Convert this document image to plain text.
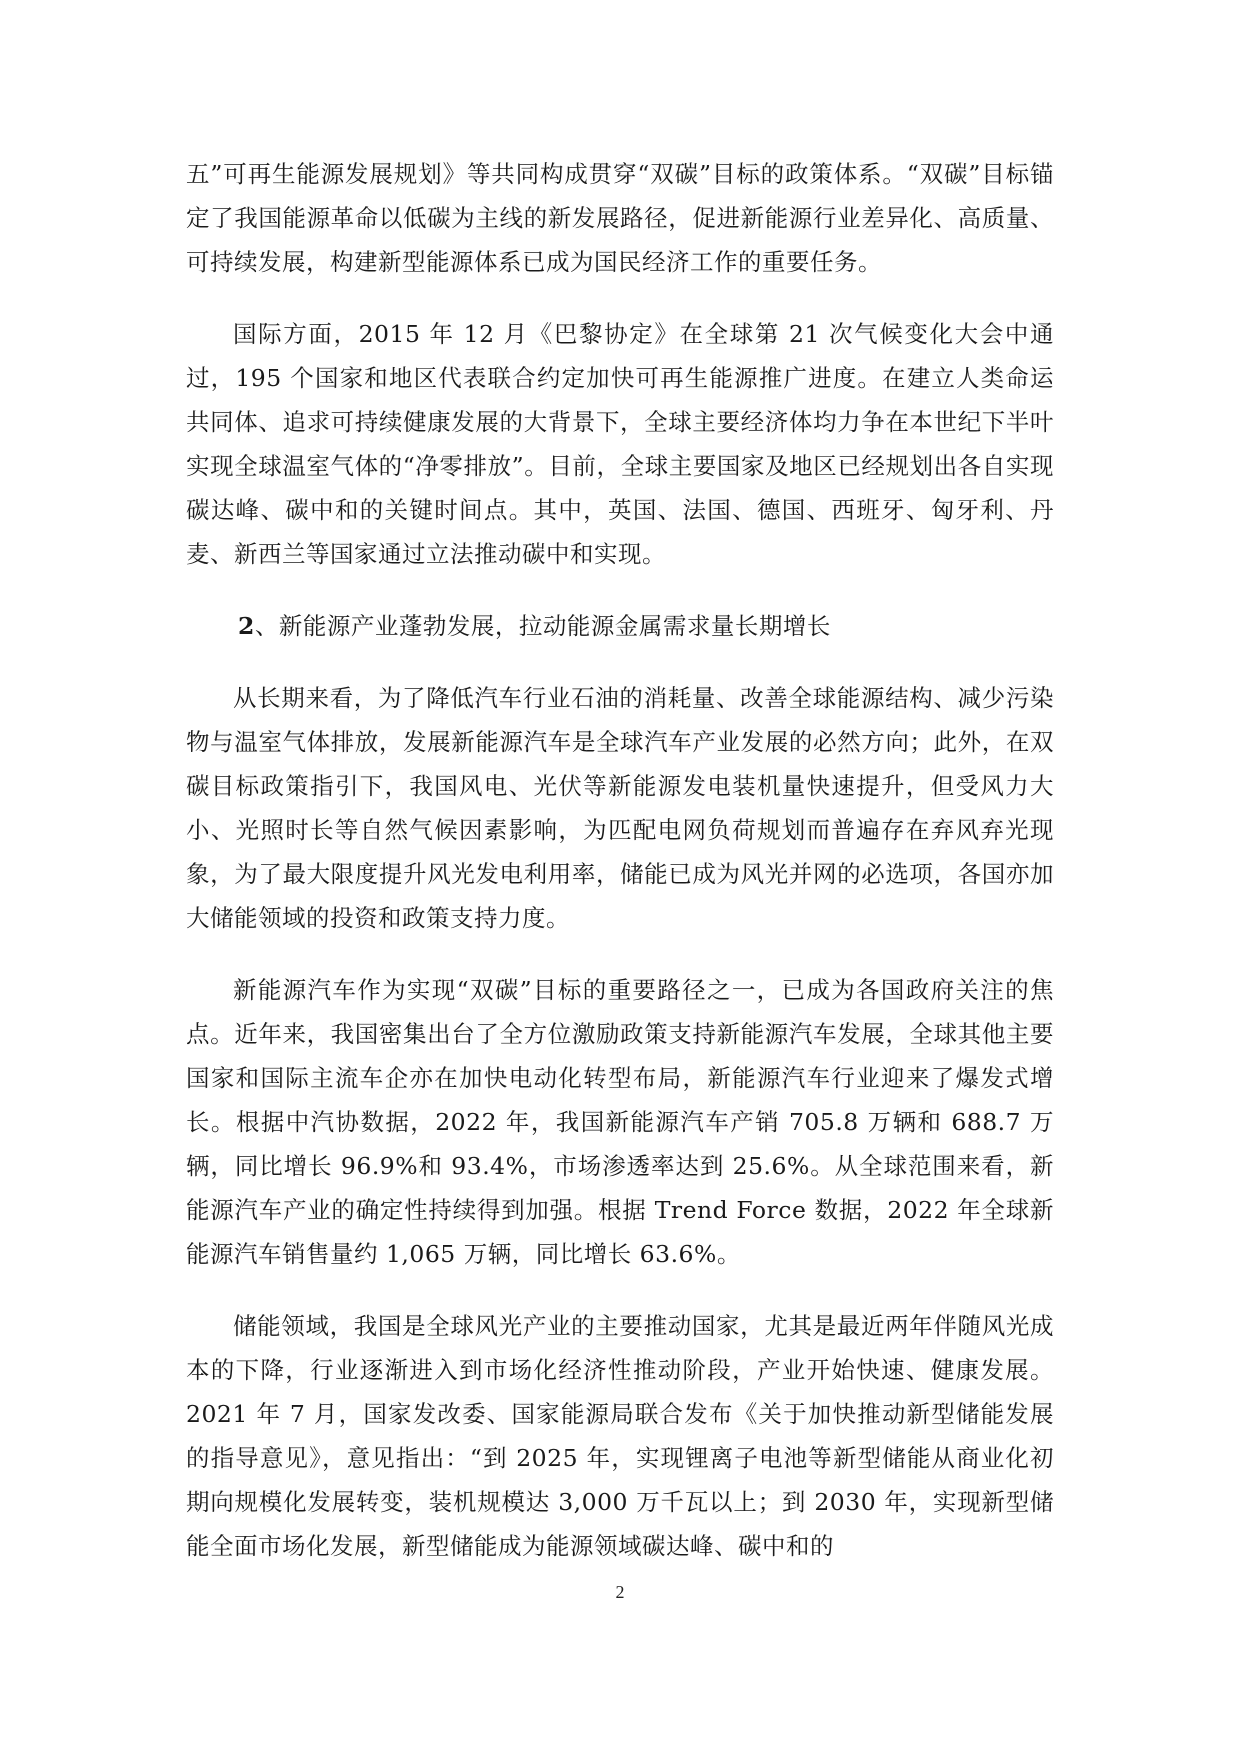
五”可再生能源发展规划》等共同构成贯穿“双碳”目标的政策体系。“双碳”目标锚定了我国能源革命以低碳为主线的新发展路径，促进新能源行业差异化、高质量、可持续发展，构建新型能源体系已成为国民经济工作的重要任务。

国际方面，2015 年 12 月《巴黎协定》在全球第 21 次气候变化大会中通过，195 个国家和地区代表联合约定加快可再生能源推广进度。在建立人类命运共同体、追求可持续健康发展的大背景下，全球主要经济体均力争在本世纪下半叶实现全球温室气体的“净零排放”。目前，全球主要国家及地区已经规划出各自实现碳达峰、碳中和的关键时间点。其中，英国、法国、德国、西班牙、匈牙利、丹麦、新西兰等国家通过立法推动碳中和实现。

2、新能源产业蓬勃发展，拉动能源金属需求量长期增长

从长期来看，为了降低汽车行业石油的消耗量、改善全球能源结构、减少污染物与温室气体排放，发展新能源汽车是全球汽车产业发展的必然方向；此外，在双碳目标政策指引下，我国风电、光伏等新能源发电装机量快速提升，但受风力大小、光照时长等自然气候因素影响，为匹配电网负荷规划而普遍存在弃风弃光现象，为了最大限度提升风光发电利用率，储能已成为风光并网的必选项，各国亦加大储能领域的投资和政策支持力度。

新能源汽车作为实现“双碳”目标的重要路径之一，已成为各国政府关注的焦点。近年来，我国密集出台了全方位激励政策支持新能源汽车发展，全球其他主要国家和国际主流车企亦在加快电动化转型布局，新能源汽车行业迎来了爆发式增长。根据中汽协数据，2022 年，我国新能源汽车产销 705.8 万辆和 688.7 万辆，同比增长 96.9%和 93.4%，市场渗透率达到 25.6%。从全球范围来看，新能源汽车产业的确定性持续得到加强。根据 Trend Force 数据，2022 年全球新能源汽车销售量约 1,065 万辆，同比增长 63.6%。

储能领域，我国是全球风光产业的主要推动国家，尤其是最近两年伴随风光成本的下降，行业逐渐进入到市场化经济性推动阶段，产业开始快速、健康发展。 2021 年 7 月，国家发改委、国家能源局联合发布《关于加快推动新型储能发展的指导意见》，意见指出：“到 2025 年，实现锂离子电池等新型储能从商业化初期向规模化发展转变，装机规模达 3,000 万千瓦以上；到 2030 年，实现新型储能全面市场化发展，新型储能成为能源领域碳达峰、碳中和的

2
